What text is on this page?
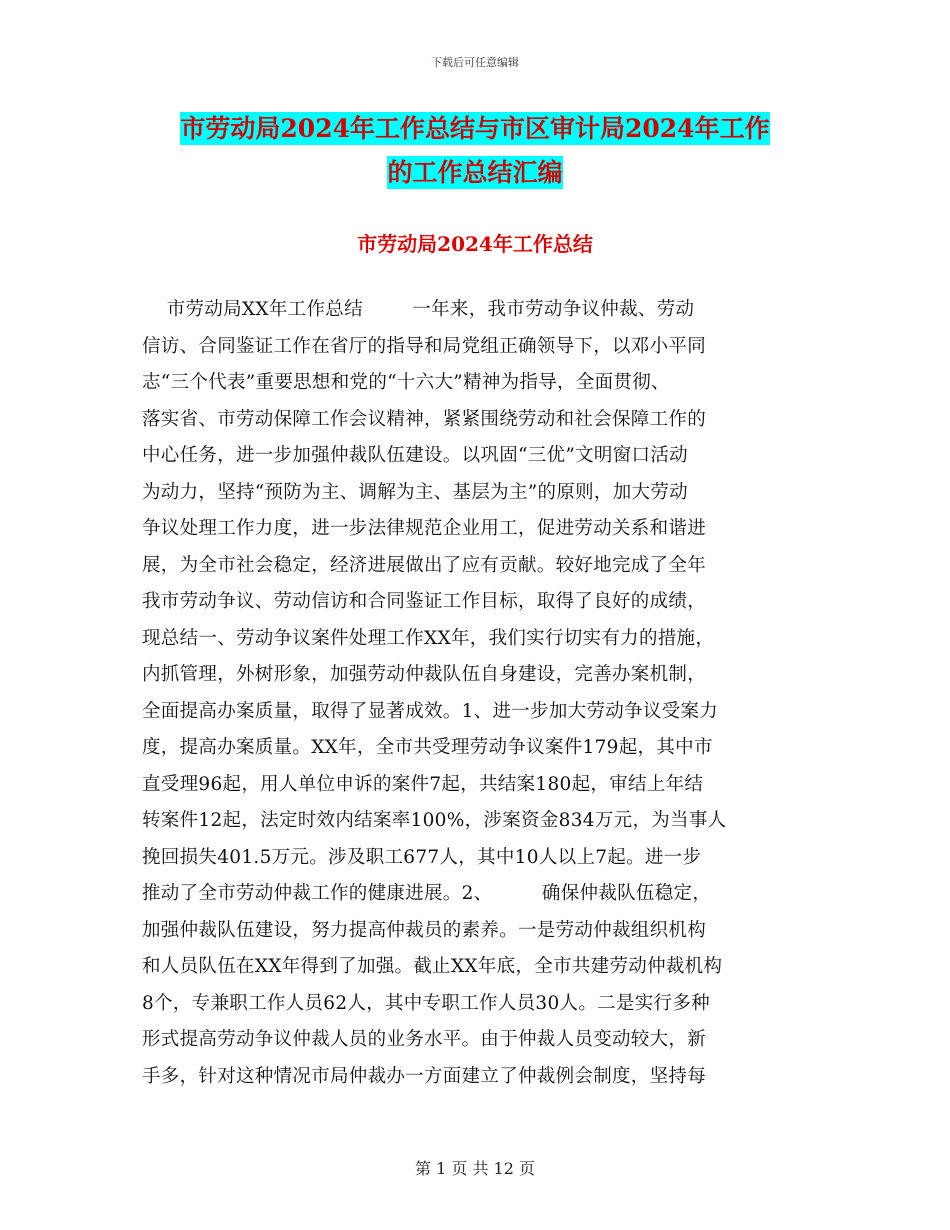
下载后可任意编辑
市劳动局2024年工作总结与市区审计局2024年工作
的工作总结汇编
市劳动局2024年工作总结
市劳动局XX年工作总结        一年来，我市劳动争议仲裁、劳动
信访、合同鉴证工作在省厅的指导和局党组正确领导下，以邓小平同
志“三个代表”重要思想和党的“十六大”精神为指导，全面贯彻、
落实省、市劳动保障工作会议精神，紧紧围绕劳动和社会保障工作的
中心任务，进一步加强仲裁队伍建设。以巩固“三优”文明窗口活动
为动力，坚持“预防为主、调解为主、基层为主”的原则，加大劳动
争议处理工作力度，进一步法律规范企业用工，促进劳动关系和谐进
展，为全市社会稳定，经济进展做出了应有贡献。较好地完成了全年
我市劳动争议、劳动信访和合同鉴证工作目标，取得了良好的成绩，
现总结一、劳动争议案件处理工作XX年，我们实行切实有力的措施，
内抓管理，外树形象，加强劳动仲裁队伍自身建设，完善办案机制，
全面提高办案质量，取得了显著成效。1、进一步加大劳动争议受案力
度，提高办案质量。XX年，全市共受理劳动争议案件179起，其中市
直受理96起，用人单位申诉的案件7起，共结案180起，审结上年结
转案件12起，法定时效内结案率100%，涉案资金834万元，为当事人
挽回损失401.5万元。涉及职工677人，其中10人以上7起。进一步
推动了全市劳动仲裁工作的健康进展。2、        确保仲裁队伍稳定，
加强仲裁队伍建设，努力提高仲裁员的素养。一是劳动仲裁组织机构
和人员队伍在XX年得到了加强。截止XX年底，全市共建劳动仲裁机构
8个，专兼职工作人员62人，其中专职工作人员30人。二是实行多种
形式提高劳动争议仲裁人员的业务水平。由于仲裁人员变动较大，新
手多，针对这种情况市局仲裁办一方面建立了仲裁例会制度，坚持每
第 1 页 共 12 页
